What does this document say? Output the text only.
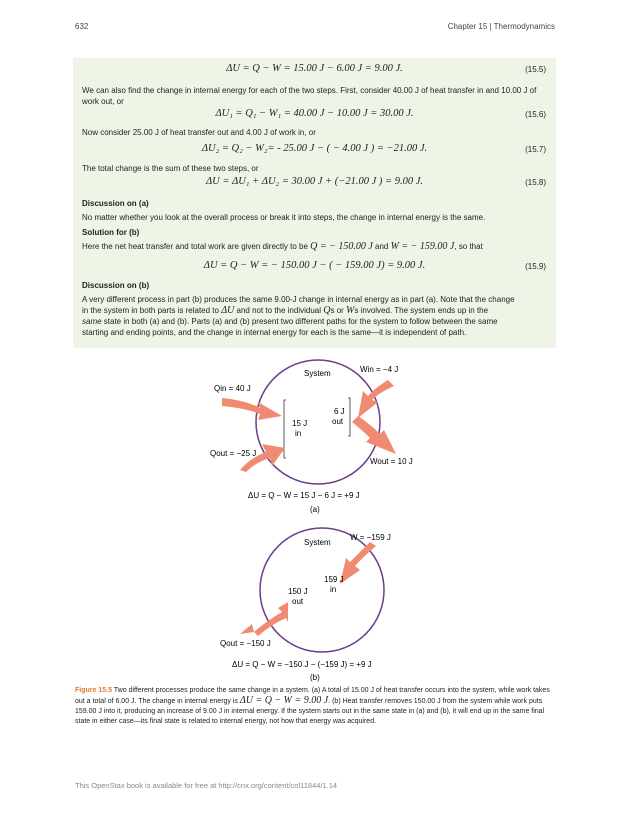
632	Chapter 15 | Thermodynamics
ΔU = Q − W = 15.00 J − 6.00 J = 9.00 J.	(15.5)
We can also find the change in internal energy for each of the two steps. First, consider 40.00 J of heat transfer in and 10.00 J of work out, or
ΔU₁ = Q₁ − W₁ = 40.00 J − 10.00 J = 30.00 J.	(15.6)
Now consider 25.00 J of heat transfer out and 4.00 J of work in, or
ΔU₂ = Q₂ − W₂= - 25.00 J − ( − 4.00 J ) = −21.00 J.	(15.7)
The total change is the sum of these two steps, or
ΔU = ΔU₁ + ΔU₂ = 30.00 J + (−21.00 J ) = 9.00 J.	(15.8)
Discussion on (a)
No matter whether you look at the overall process or break it into steps, the change in internal energy is the same.
Solution for (b)
Here the net heat transfer and total work are given directly to be Q = − 150.00 J and W = − 159.00 J, so that
ΔU = Q − W = − 150.00 J − ( − 159.00 J) = 9.00 J.	(15.9)
Discussion on (b)
A very different process in part (b) produces the same 9.00-J change in internal energy as in part (a). Note that the change
in the system in both parts is related to ΔU and not to the individual Qs or Ws involved. The system ends up in the
same state in both (a) and (b). Parts (a) and (b) present two different paths for the system to follow between the same
starting and ending points, and the change in internal energy for each is the same—it is independent of path.
System
Qin = 40 J
Win = −4 J
15 J
in
6 J
out
Qout = −25 J
Wout = 10 J
ΔU = Q − W = 15 J − 6 J = +9 J
(a)
System
W = −159 J
159 J
in
150 J
out
Qout = −150 J
ΔU = Q − W = −150 J − (−159 J) = +9 J
(b)
Figure 15.5 Two different processes produce the same change in a system. (a) A total of 15.00 J of heat transfer occurs into the system, while work takes out a total of 6.00 J. The change in internal energy is ΔU = Q − W = 9.00 J. (b) Heat transfer removes 150.00 J from the system while work puts 159.00 J into it, producing an increase of 9.00 J in internal energy. If the system starts out in the same state in (a) and (b), it will end up in the same final state in either case—its final state is related to internal energy, not how that energy was acquired.
This OpenStax book is available for free at http://cnx.org/content/col11844/1.14
